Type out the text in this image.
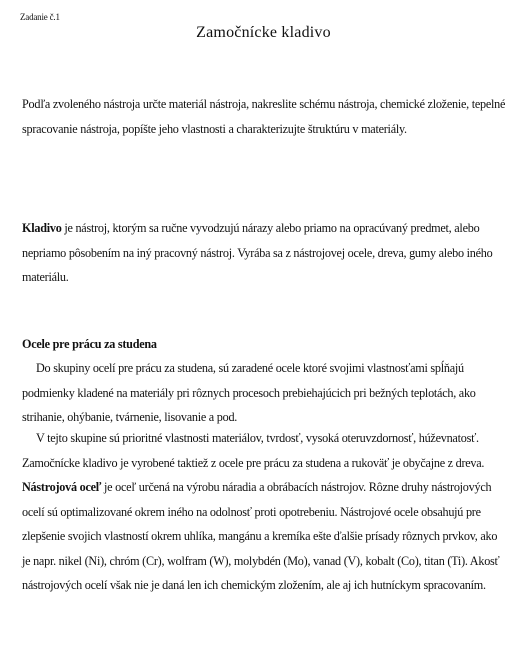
Zadanie č.1
Zamočnícke kladivo

Podľa zvoleného nástroja určte materiál nástroja, nakreslite schému nástroja, chemické zloženie, tepelné spracovanie nástroja, popíšte jeho vlastnosti a charakterizujte štruktúru v materiály.

Kladivo je nástroj, ktorým sa ručne vyvodzujú nárazy alebo priamo na opracúvaný predmet, alebo nepriamo pôsobením na iný pracovný nástroj. Vyrába sa z nástrojovej ocele, dreva, gumy alebo iného materiálu.

Ocele pre prácu za studena

Do skupiny ocelí pre prácu za studena, sú zaradené ocele ktoré svojimi vlastnosťami spĺňajú podmienky kladené na materiály pri rôznych procesoch prebiehajúcich pri bežných teplotách, ako strihanie, ohýbanie, tvárnenie, lisovanie a pod.

V tejto skupine sú prioritné vlastnosti materiálov, tvrdosť, vysoká oteruvzdornosť, húževnatosť. Zamočnícke kladivo je vyrobené taktiež z ocele pre prácu za studena a rukoväť je obyčajne z dreva. Nástrojová oceľ je oceľ určená na výrobu náradia a obrábacích nástrojov. Rôzne druhy nástrojových ocelí sú optimalizované okrem iného na odolnosť proti opotrebeniu. Nástrojové ocele obsahujú pre zlepšenie svojich vlastností okrem uhlíka, mangánu a kremíka ešte ďalšie prísady rôznych prvkov, ako je napr. nikel (Ni), chróm (Cr), wolfram (W), molybdén (Mo), vanad (V), kobalt (Co), titan (Ti). Akosť nástrojových ocelí však nie je daná len ich chemickým zložením, ale aj ich hutníckym spracovaním.
